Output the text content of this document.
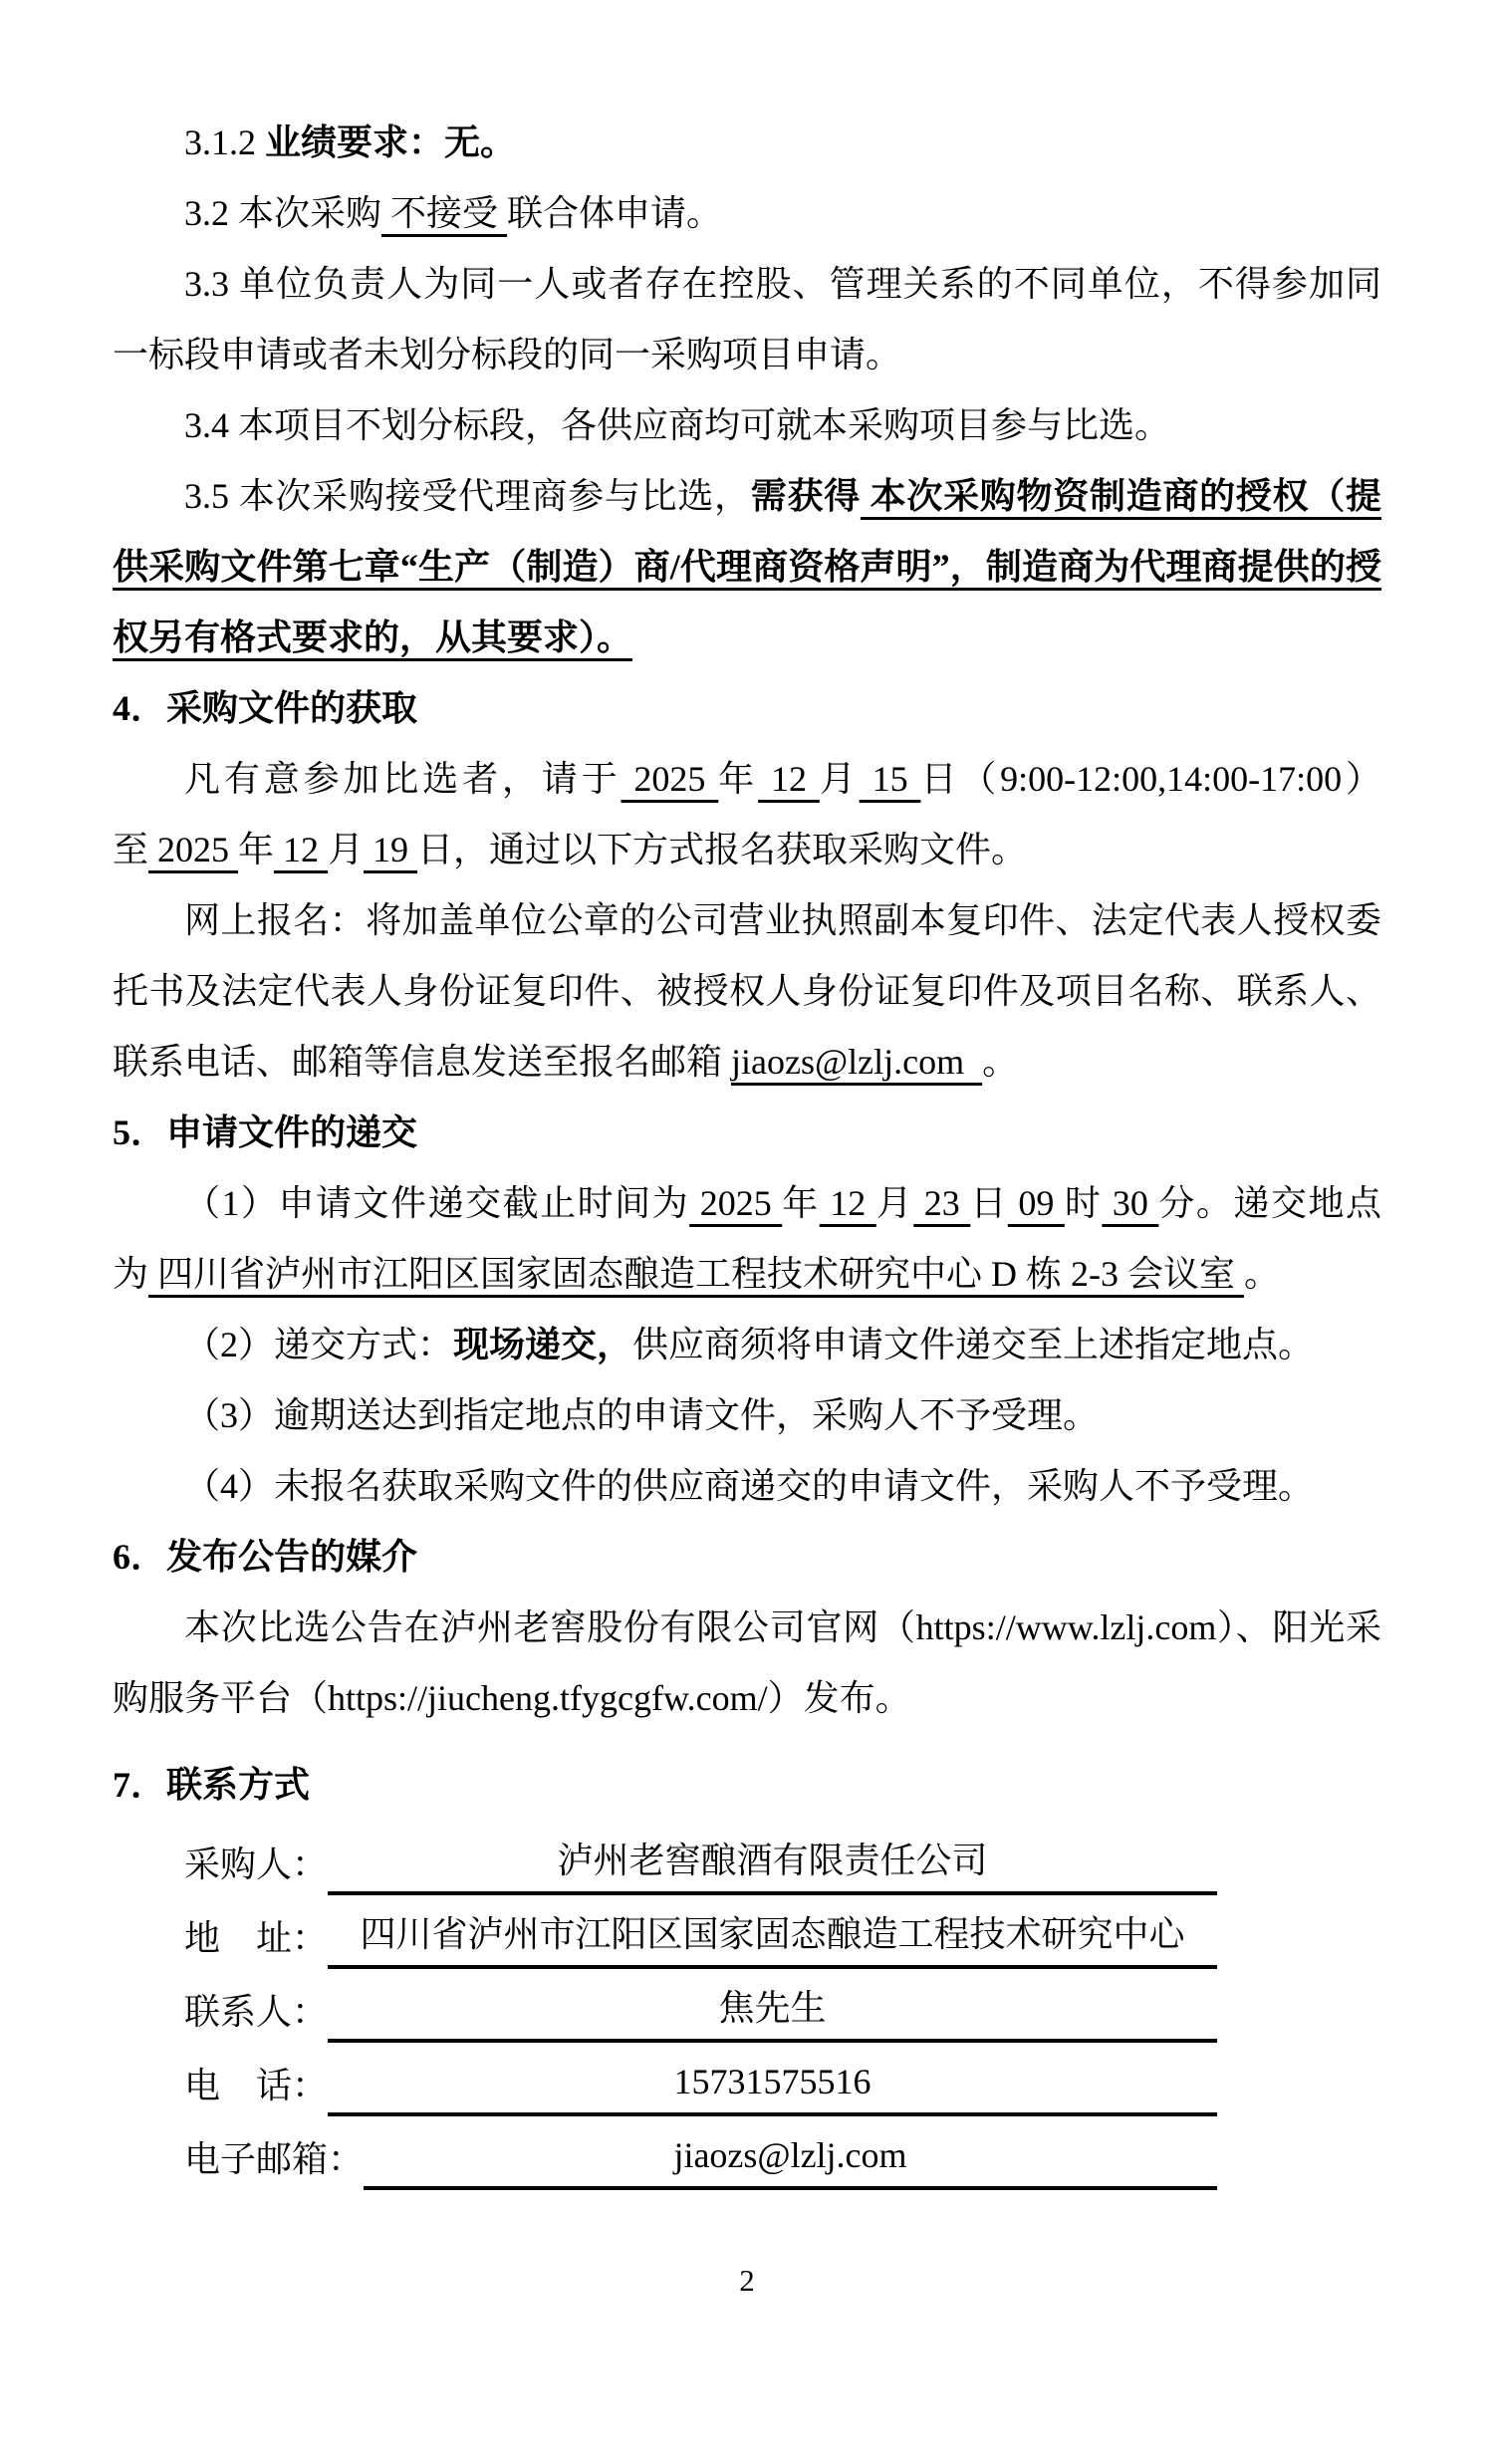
3.1.2 业绩要求：无。

3.2 本次采购 不接受 联合体申请。

3.3 单位负责人为同一人或者存在控股、管理关系的不同单位，不得参加同一标段申请或者未划分标段的同一采购项目申请。

3.4 本项目不划分标段，各供应商均可就本采购项目参与比选。

3.5 本次采购接受代理商参与比选，需获得 本次采购物资制造商的授权（提供采购文件第七章“生产（制造）商/代理商资格声明”，制造商为代理商提供的授权另有格式要求的，从其要求）。

4．采购文件的获取

凡有意参加比选者，请于 2025 年 12 月 15 日（9:00-12:00,14:00-17:00）至 2025 年 12 月 19 日，通过以下方式报名获取采购文件。

网上报名：将加盖单位公章的公司营业执照副本复印件、法定代表人授权委托书及法定代表人身份证复印件、被授权人身份证复印件及项目名称、联系人、联系电话、邮箱等信息发送至报名邮箱 jiaozs@lzlj.com  。

5．申请文件的递交

（1）申请文件递交截止时间为 2025 年 12 月 23 日 09 时 30 分。递交地点为 四川省泸州市江阳区国家固态酿造工程技术研究中心 D 栋 2-3 会议室 。

（2）递交方式：现场递交，供应商须将申请文件递交至上述指定地点。

（3）逾期送达到指定地点的申请文件，采购人不予受理。

（4）未报名获取采购文件的供应商递交的申请文件，采购人不予受理。

6．发布公告的媒介

本次比选公告在泸州老窖股份有限公司官网（https://www.lzlj.com）、阳光采购服务平台（https://jiucheng.tfygcgfw.com/）发布。

7．联系方式

采购人：	泸州老窖酿酒有限责任公司
地　址： 四川省泸州市江阳区国家固态酿造工程技术研究中心
联系人：	焦先生
电　话：	15731575516
电子邮箱：	jiaozs@lzlj.com
2
